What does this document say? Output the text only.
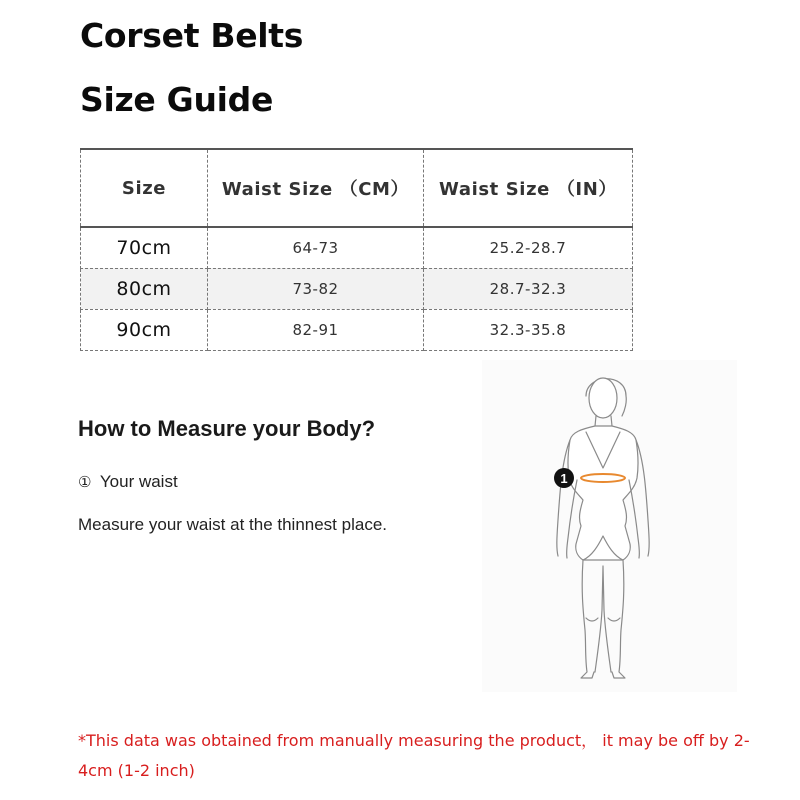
Corset Belts
Size Guide
Size	Waist Size （CM）	Waist Size （IN）
70cm	64-73	25.2-28.7
80cm	73-82	28.7-32.3
90cm	82-91	32.3-35.8
How to Measure your Body?
① Your waist
Measure your waist at the thinnest place.
1

*This data was obtained from manually measuring the product， it may be off by 2-4cm (1-2 inch)
